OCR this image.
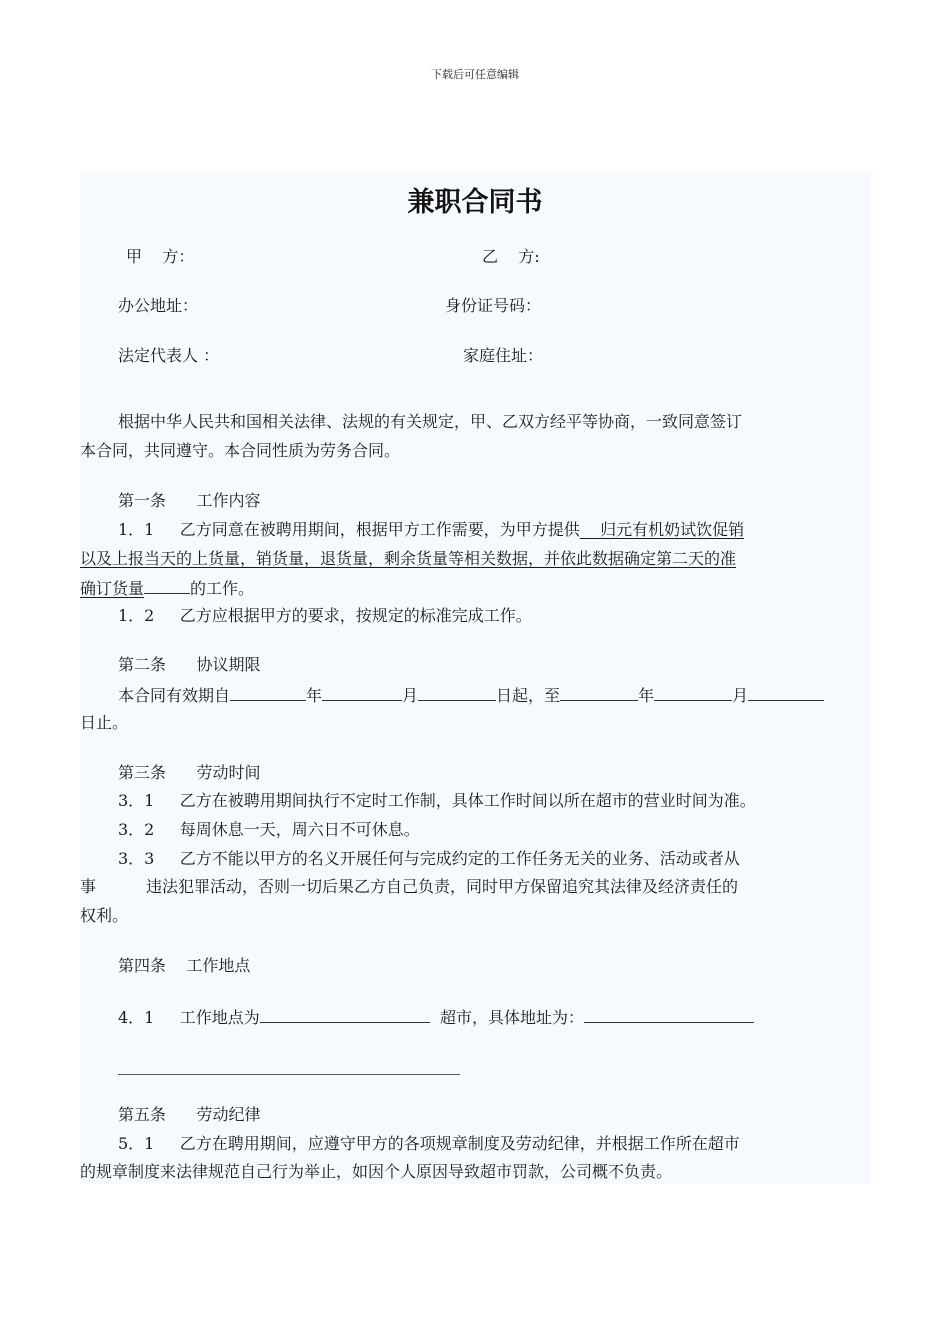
下载后可任意编辑
兼职合同书
甲    方：	乙    方:
办公地址：	身份证号码：
法定代表人 ：	家庭住址：
根据中华人民共和国相关法律、法规的有关规定，甲、乙双方经平等协商，一致同意签订
本合同，共同遵守。本合同性质为劳务合同。
第一条      工作内容
1．1     乙方同意在被聘用期间，根据甲方工作需要，为甲方提供    归元有机奶试饮促销
以及上报当天的上货量，销货量，退货量，剩余货量等相关数据，并依此数据确定第二天的准
确订货量	的工作。
1．2     乙方应根据甲方的要求，按规定的标准完成工作。
第二条      协议期限
本合同有效期自	年	月	日起，至	年	月
日止。
第三条      劳动时间
3．1     乙方在被聘用期间执行不定时工作制，具体工作时间以所在超市的营业时间为准。
3．2     每周休息一天，周六日不可休息。
3．3     乙方不能以甲方的名义开展任何与完成约定的工作任务无关的业务、活动或者从
事	违法犯罪活动，否则一切后果乙方自己负责，同时甲方保留追究其法律及经济责任的
权利。
第四条    工作地点
4．1     工作地点为	超市，具体地址为：
第五条      劳动纪律
5．1     乙方在聘用期间，应遵守甲方的各项规章制度及劳动纪律，并根据工作所在超市
的规章制度来法律规范自己行为举止，如因个人原因导致超市罚款，公司概不负责。
